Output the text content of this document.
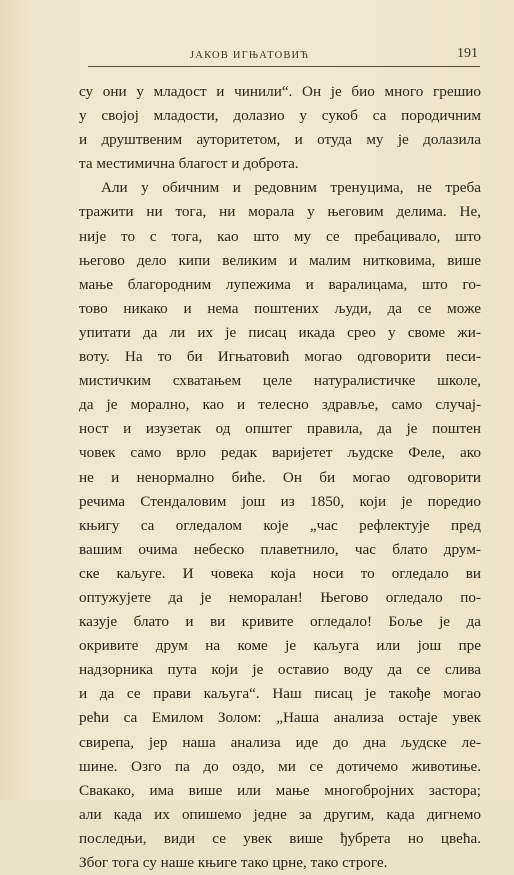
ЈАКОВ ИГЊАТОВИЋ	191
су они у младост и чинили“. Он је био много грешио
у својој младости, долазио у сукоб са породичним
и друштвеним ауторитетом, и отуда му је долазила
та местимична благост и доброта.
Али у обичним и редовним тренуцима, не треба
тражити ни тога, ни морала у његовим делима. Не,
није то с тога, као што му се пребацивало, што
његово дело кипи великим и малим нитковима, више
мање благородним лупежима и варалицама, што го-
тово никако и нема поштених људи, да се може
упитати да ли их је писац икада срео у своме жи-
воту. На то би Игњатовић могао одговорити песи-
мистичким схватањем целе натуралистичке школе,
да је морално, као и телесно здравље, само случај-
ност и изузетак од општег правила, да је поштен
човек само врло редак варијетет људске Феле, ако
не и ненормално биће. Он би могао одговорити
речима Стендаловим још из 1850, који је поредио
књигу са огледалом које „час рефлектује пред
вашим очима небеско плаветнило, час блато друм-
ске каљуге. И човека која носи то огледало ви
оптужујете да је неморалан! Његово огледало по-
казује блато и ви кривите огледало! Боље је да
окривите друм на коме је каљуга или још пре
надзорника пута који је оставио воду да се слива
и да се прави каљуга“. Наш писац је такође могао
рећи са Емилом Золом: „Наша анализа остаје увек
свирепа, јер наша анализа иде до дна људске ле-
шине. Озго па до оздо, ми се дотичемо животиње.
Свакако, има више или мање многобројних застора;
али када их опишемо једне за другим, када дигнемо
последњи, види се увек више ђубрета но цвећа.
Због тога су наше књиге тако црне, тако строге.
